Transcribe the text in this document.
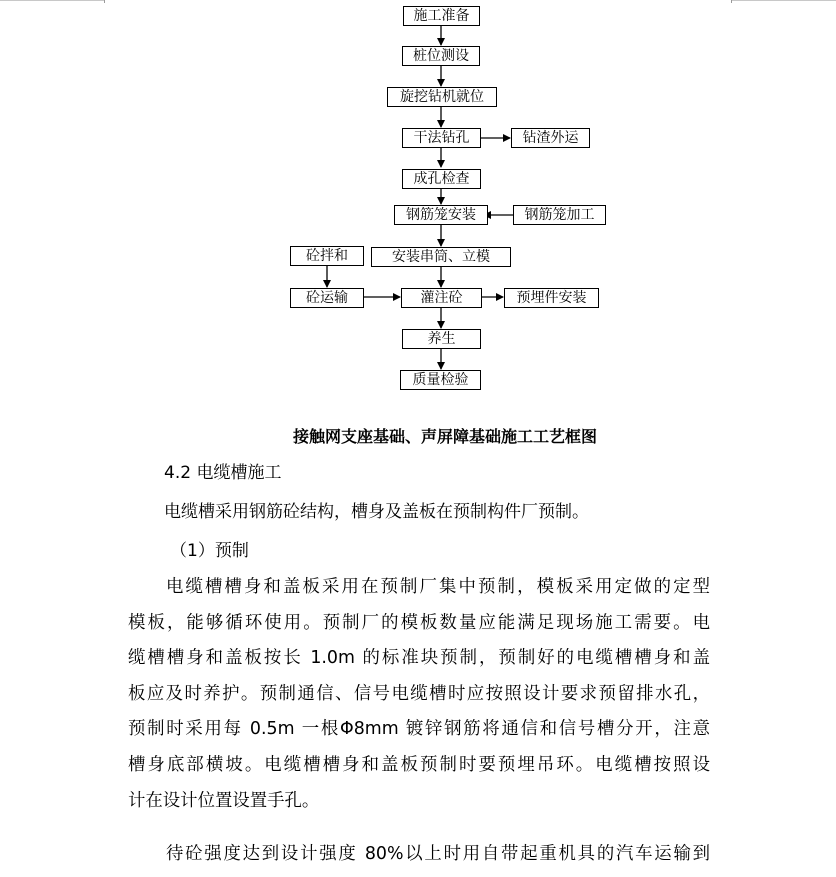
施工准备
桩位测设
旋挖钻机就位
干法钻孔	钻渣外运
成孔检查
钢筋笼安装	钢筋笼加工
砼拌和	安装串筒、立模
砼运输	灌注砼	预埋件安装
养生
质量检验
接触网支座基础、声屏障基础施工工艺框图
4.2 电缆槽施工
电缆槽采用钢筋砼结构，槽身及盖板在预制构件厂预制。
（1）预制
电缆槽槽身和盖板采用在预制厂集中预制，模板采用定做的定型
模板，能够循环使用。预制厂的模板数量应能满足现场施工需要。电
缆槽槽身和盖板按长 1.0m 的标准块预制，预制好的电缆槽槽身和盖
板应及时养护。预制通信、信号电缆槽时应按照设计要求预留排水孔，
预制时采用每 0.5m 一根Φ8mm 镀锌钢筋将通信和信号槽分开，注意
槽身底部横坡。电缆槽槽身和盖板预制时要预埋吊环。电缆槽按照设
计在设计位置设置手孔。
待砼强度达到设计强度 80%以上时用自带起重机具的汽车运输到
